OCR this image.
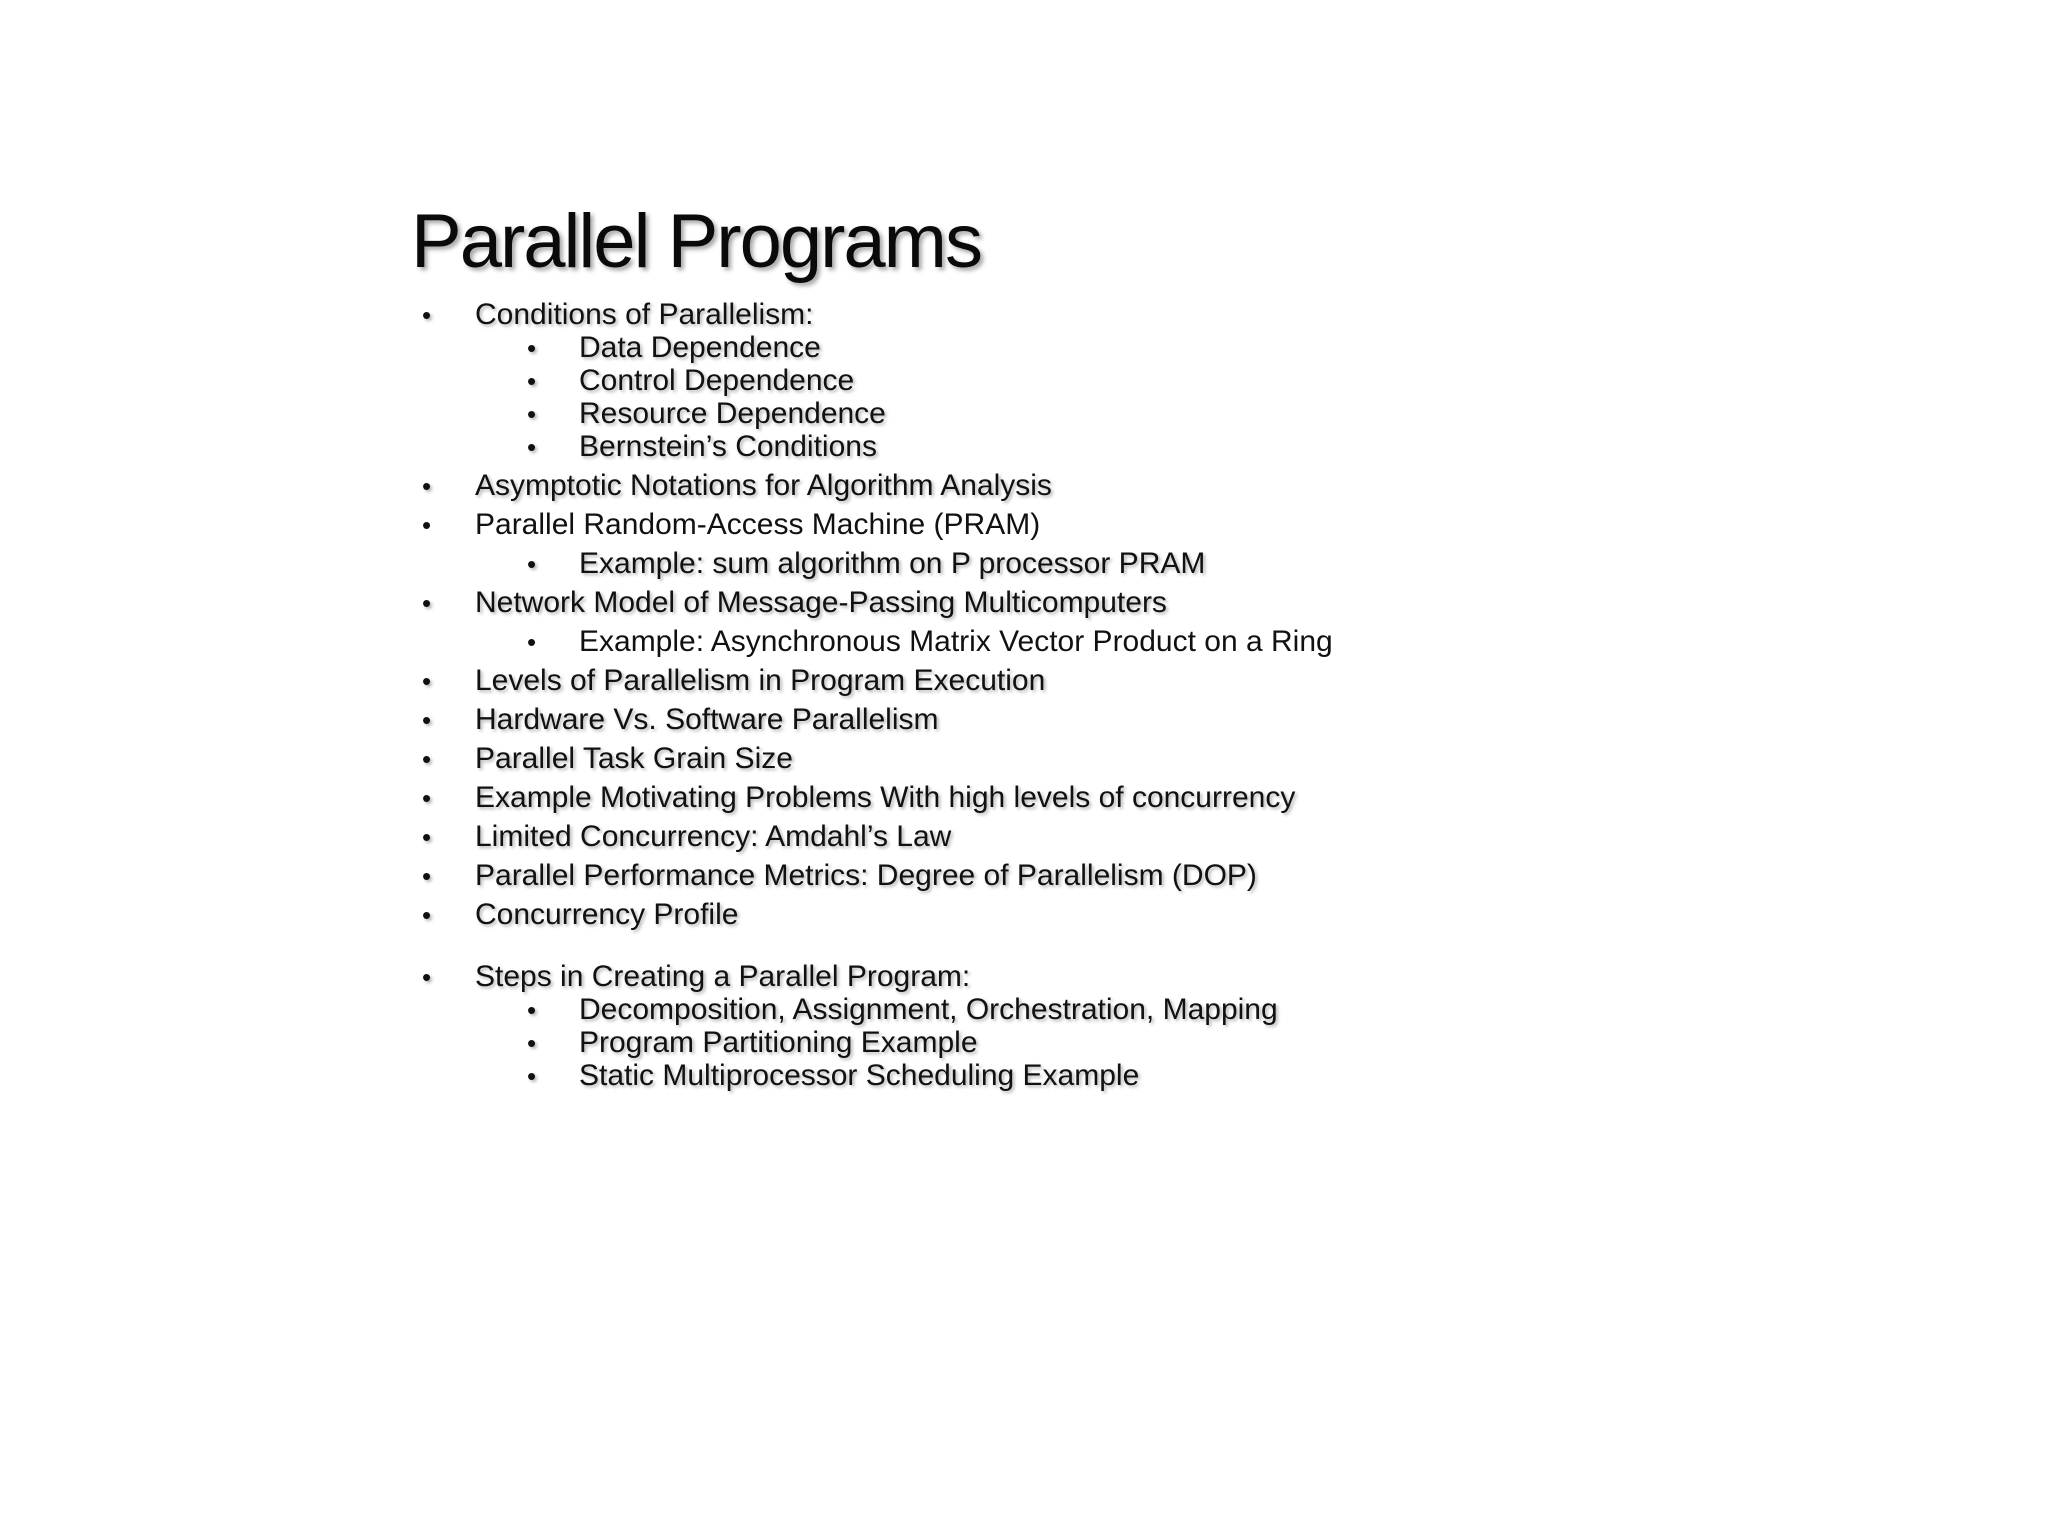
Parallel Programs
•	Conditions of Parallelism:
•	Data Dependence
•	Control Dependence
•	Resource Dependence
•	Bernstein’s Conditions
•	Asymptotic Notations for Algorithm Analysis
•	Parallel Random-Access Machine (PRAM)
•	Example: sum algorithm on P processor PRAM
•	Network Model of Message-Passing Multicomputers
•	Example: Asynchronous Matrix Vector Product on a Ring
•	Levels of Parallelism in Program Execution
•	Hardware Vs. Software Parallelism
•	Parallel Task Grain Size
•	Example Motivating Problems With high levels of concurrency
•	Limited Concurrency: Amdahl’s Law
•	Parallel Performance Metrics: Degree of Parallelism (DOP)
•	Concurrency Profile
•	Steps in Creating a Parallel Program:
•	Decomposition, Assignment, Orchestration, Mapping
•	Program Partitioning Example
•	Static Multiprocessor Scheduling Example
